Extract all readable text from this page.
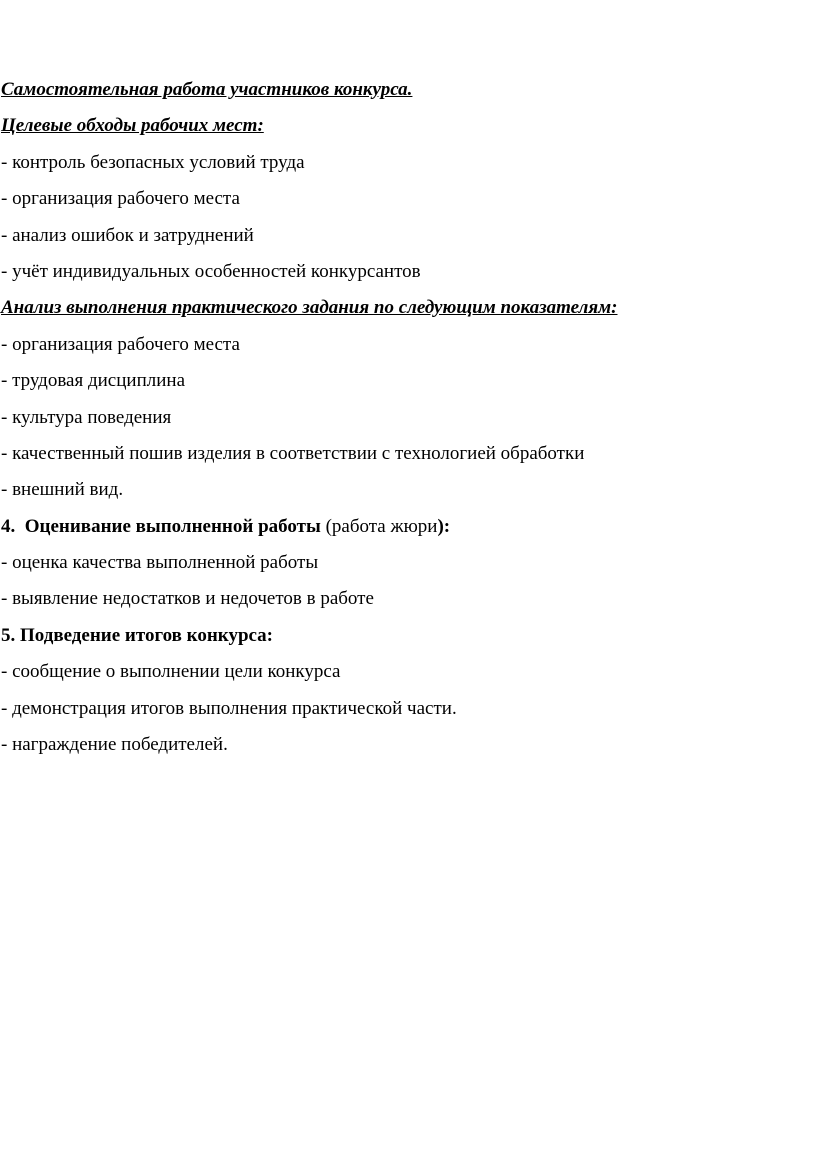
Самостоятельная работа участников конкурса.
Целевые обходы рабочих мест:
- контроль безопасных условий труда
- организация рабочего места
- анализ ошибок и затруднений
- учёт индивидуальных особенностей конкурсантов
Анализ выполнения практического задания по следующим показателям:
- организация рабочего места
- трудовая дисциплина
- культура поведения
- качественный пошив изделия в соответствии с технологией обработки
- внешний вид.
4. Оценивание выполненной работы (работа жюри):
- оценка качества выполненной работы
- выявление недостатков и недочетов в работе
5. Подведение итогов конкурса:
- сообщение о выполнении цели конкурса
- демонстрация итогов выполнения практической части.
- награждение победителей.
